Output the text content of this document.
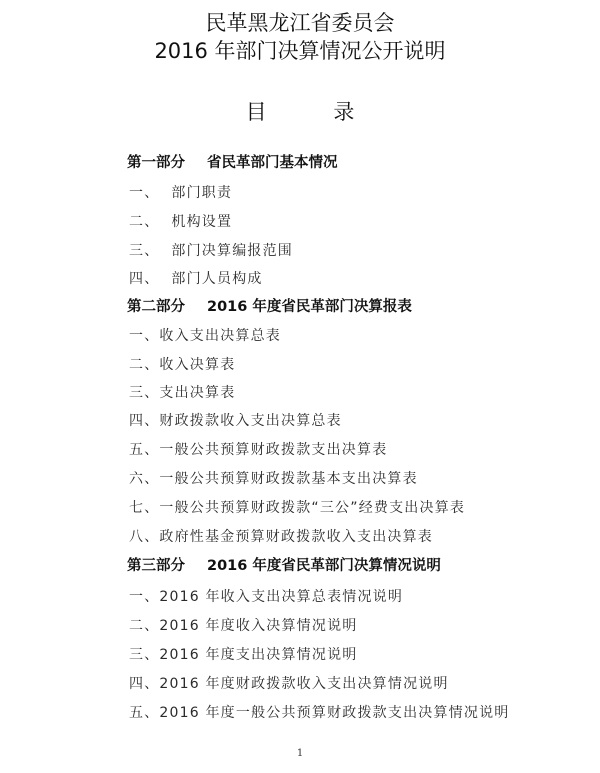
民革黑龙江省委员会
2016 年部门决算情况公开说明
目 录
第一部分 省民革部门基本情况
一、 部门职责
二、 机构设置
三、 部门决算编报范围
四、 部门人员构成
第二部分 2016 年度省民革部门决算报表
一、收入支出决算总表
二、收入决算表
三、支出决算表
四、财政拨款收入支出决算总表
五、一般公共预算财政拨款支出决算表
六、一般公共预算财政拨款基本支出决算表
七、一般公共预算财政拨款“三公”经费支出决算表
八、政府性基金预算财政拨款收入支出决算表
第三部分 2016 年度省民革部门决算情况说明
一、2016 年收入支出决算总表情况说明
二、2016 年度收入决算情况说明
三、2016 年度支出决算情况说明
四、2016 年度财政拨款收入支出决算情况说明
五、2016 年度一般公共预算财政拨款支出决算情况说明
1
